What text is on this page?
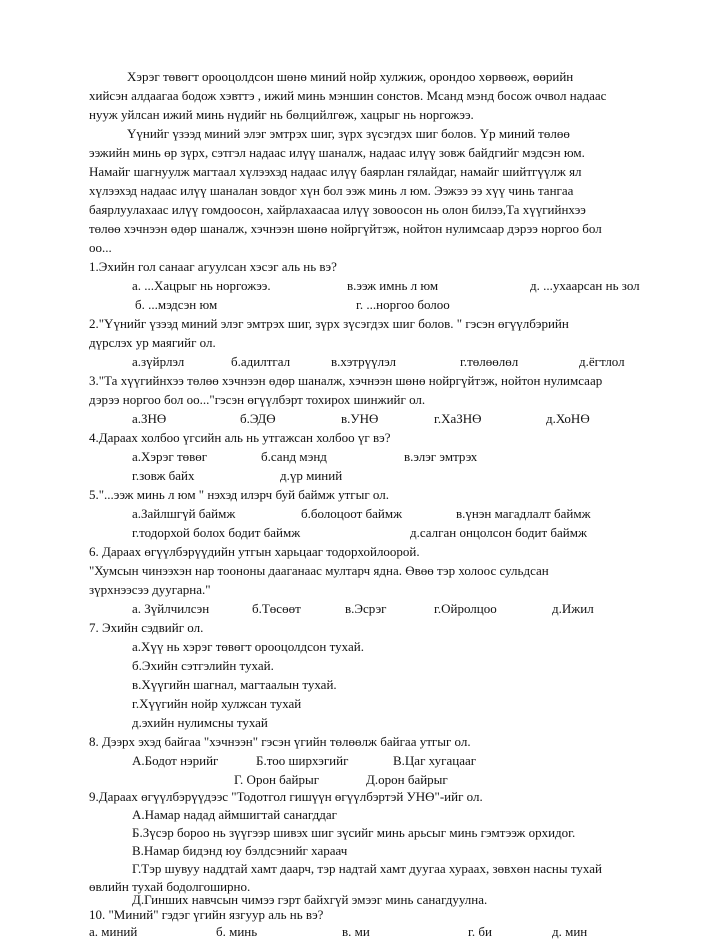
Хэрэг төвөгт орооцолдсон шөнө миний нойр хулжиж, орондоо хөрвөөж, өөрийн
хийсэн алдаагаа бодож хэвттэ , ижий минь мэншин сонстов. Мсанд мэнд босож очвол надаас
нууж уйлсан ижий минь нүдийг нь бөлцийлгөж, хацрыг нь норгожээ.
Үүнийг үзээд миний элэг эмтрэх шиг, зүрх зүсэгдэх шиг болов. Үр миний төлөө
ээжийн минь өр зүрх, сэтгэл надаас илүү шаналж, надаас илүү зовж байдгийг мэдсэн юм.
Намайг шагнуулж магтаал хүлээхэд надаас илүү баярлан гялайдаг, намайг шийтгүүлж ял
хүлээхэд надаас илүү шаналан зовдог хүн бол ээж минь л юм. Ээжээ ээ хүү чинь тангаа
баярлуулахаас илүү гомдоосон, хайрлахаасаа илүү зовоосон нь олон билээ,Та хүүгийнхээ
төлөө хэчнээн өдөр шаналж, хэчнээн шөнө нойргүйтэж, нойтон нулимсаар дэрээ норгоо бол
оо...
1.Эхийн гол санааг агуулсан хэсэг аль нь вэ?
а. ...Хацрыг нь норгожээ.	в.ээж имнь л юм	д. ...ухаарсан нь зол
б. ...мэдсэн юм	г. ...норгоо болоо
2."Үүнийг үзээд миний элэг эмтрэх шиг, зүрх зүсэгдэх шиг болов. " гэсэн өгүүлбэрийн
дүрслэх ур маягийг ол.
а.зүйрлэл	б.адилтгал	в.хэтрүүлэл	г.төлөөлөл	д.ёгтлол
3."Та хүүгийнхээ төлөө хэчнээн өдөр шаналж, хэчнээн шөнө нойргүйтэж, нойтон нулимсаар
дэрээ норгоо бол оо..."гэсэн өгүүлбэрт тохирох шинжийг ол.
а.ЗНӨ	б.ЭДӨ	в.УНӨ	г.ХаЗНӨ	д.ХоНӨ
4.Дараах холбоо үгсийн аль нь утгажсан холбоо үг вэ?
а.Хэрэг төвөг	б.санд мэнд	в.элэг эмтрэх
г.зовж байх	д.үр миний
5."...ээж минь л юм " нэхэд илэрч буй баймж утгыг ол.
а.Зайлшгүй баймж	б.болоцоот баймж	в.үнэн магадлалт баймж
г.тодорхой болох бодит баймж	д.салган онцолсон бодит баймж
6. Дараах өгүүлбэрүүдийн утгын харьцааг тодорхойлоорой.
"Хумсын чинээхэн нар тоононы дааганаас мултарч ядна. Өвөө тэр холоос сульдсан
зүрхнээсээ дуугарна."
а. Зүйлчилсэн	б.Төсөөт	в.Эсрэг	г.Ойролцоо	д.Ижил
7. Эхийн сэдвийг ол.
а.Хүү нь хэрэг төвөгт орооцолдсон тухай.
б.Эхийн сэтгэлийн тухай.
в.Хүүгийн шагнал, магтаалын тухай.
г.Хүүгийн нойр хулжсан тухай
д.эхийн нулимсны тухай
8. Дээрх эхэд байгаа "хэчнээн" гэсэн үгийн төлөөлж байгаа утгыг ол.
А.Бодот нэрийг	Б.тоо ширхэгийг	В.Цаг хугацааг
Г. Орон байрыг	Д.орон байрыг
9.Дараах өгүүлбэрүүдээс "Тодотгол гишүүн өгүүлбэртэй УНӨ"-ийг ол.
А.Намар надад аймшигтай санагддаг
Б.Зүсэр бороо нь зүүгээр шивэх шиг зүсийг минь арьсыг минь гэмтээж орхидог.
В.Намар бидэнд юу бэлдсэнийг хараач
Г.Тэр шувуу наддтай хамт даарч, тэр надтай хамт дуугаа хураах, зөвхөн насны тухай
өвлийн тухай бодолгоширно.
Д.Гинших навчсын чимээ гэрт байхгүй эмээг минь санагдуулна.
10. "Миний" гэдэг үгийн язгуур аль нь вэ?
а. миний	б. минь	в. ми	г. би	д. мин
